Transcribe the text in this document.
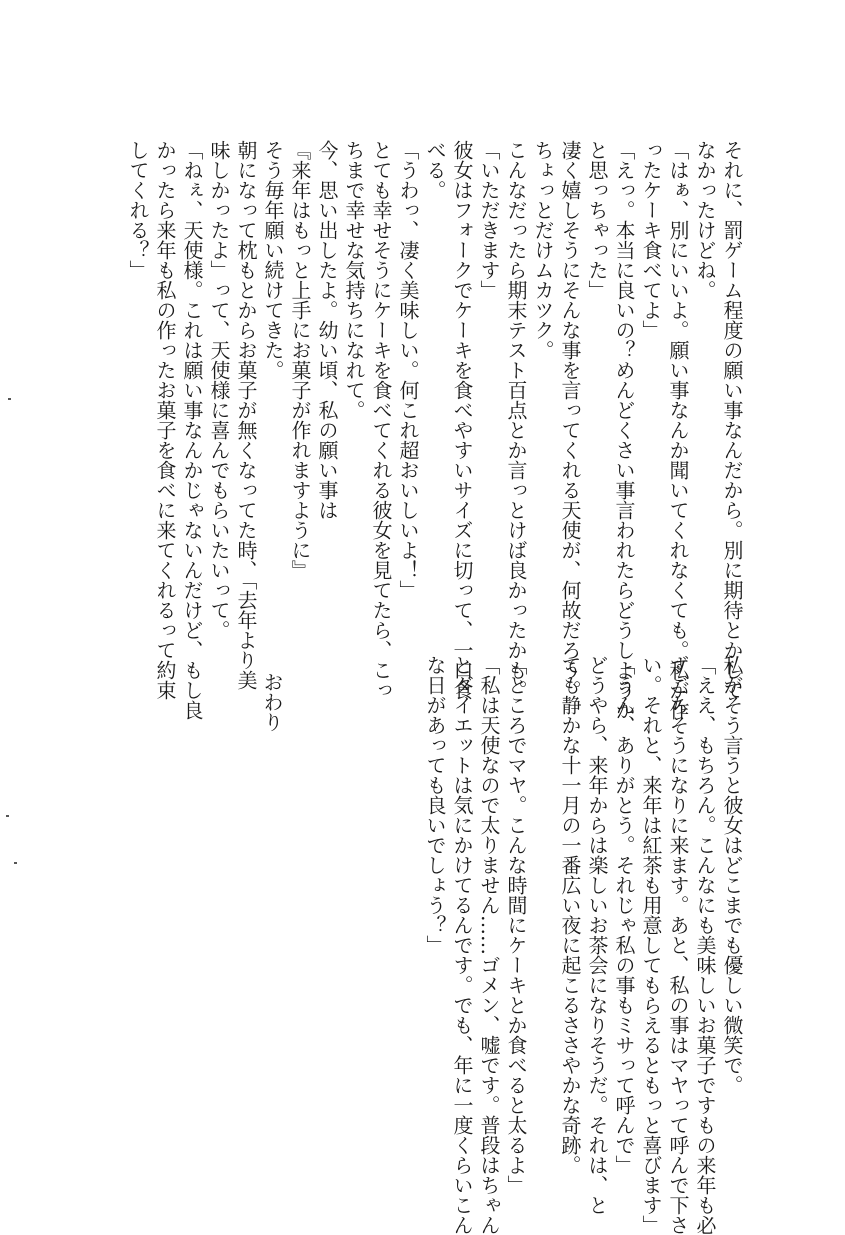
それに、罰ゲーム程度の願い事なんだから。別に期待とかして

なかったけどね。

「はぁ、別にいいよ。願い事なんか聞いてくれなくても。私が作

ったケーキ食べてよ」

「えっ。本当に良いの？めんどくさい事言われたらどうしようか

と思っちゃった」

凄く嬉しそうにそんな事を言ってくれる天使が、何故だろう。

ちょっとだけムカツク。

こんなだったら期末テスト百点とか言っとけば良かったかも。

「いただきます」

彼女はフォークでケーキを食べやすいサイズに切って、一口食

べる。

「うわっ、凄く美味しい。何これ超おいしいよ！」

とても幸せそうにケーキを食べてくれる彼女を見てたら、こっ

ちまで幸せな気持ちになれて。

今、思い出したよ。幼い頃、私の願い事は

『来年はもっと上手にお菓子が作れますように』

そう毎年願い続けてきた。

朝になって枕もとからお菓子が無くなってた時、「去年より美

味しかったよ」って、天使様に喜んでもらいたいって。

「ねぇ、天使様。これは願い事なんかじゃないんだけど、もし良

かったら来年も私の作ったお菓子を食べに来てくれるって約束

してくれる？」

私がそう言うと彼女はどこまでも優しい微笑で。

「ええ、もちろん。こんなにも美味しいお菓子ですもの来年も必

ずごちそうになりに来ます。あと、私の事はマヤって呼んで下さ

い。それと、来年は紅茶も用意してもらえるともっと喜びます」

「うん、ありがとう。それじゃ私の事もミサって呼んで」

どうやら、来年からは楽しいお茶会になりそうだ。それは、と

ても静かな十一月の一番広い夜に起こるささやかな奇跡。

「ところでマヤ。こんな時間にケーキとか食べると太るよ」

「私は天使なので太りません……ゴメン、嘘です。普段はちゃん

とダイエットは気にかけてるんです。でも、年に一度くらいこん

な日があっても良いでしょう？」

おわり
